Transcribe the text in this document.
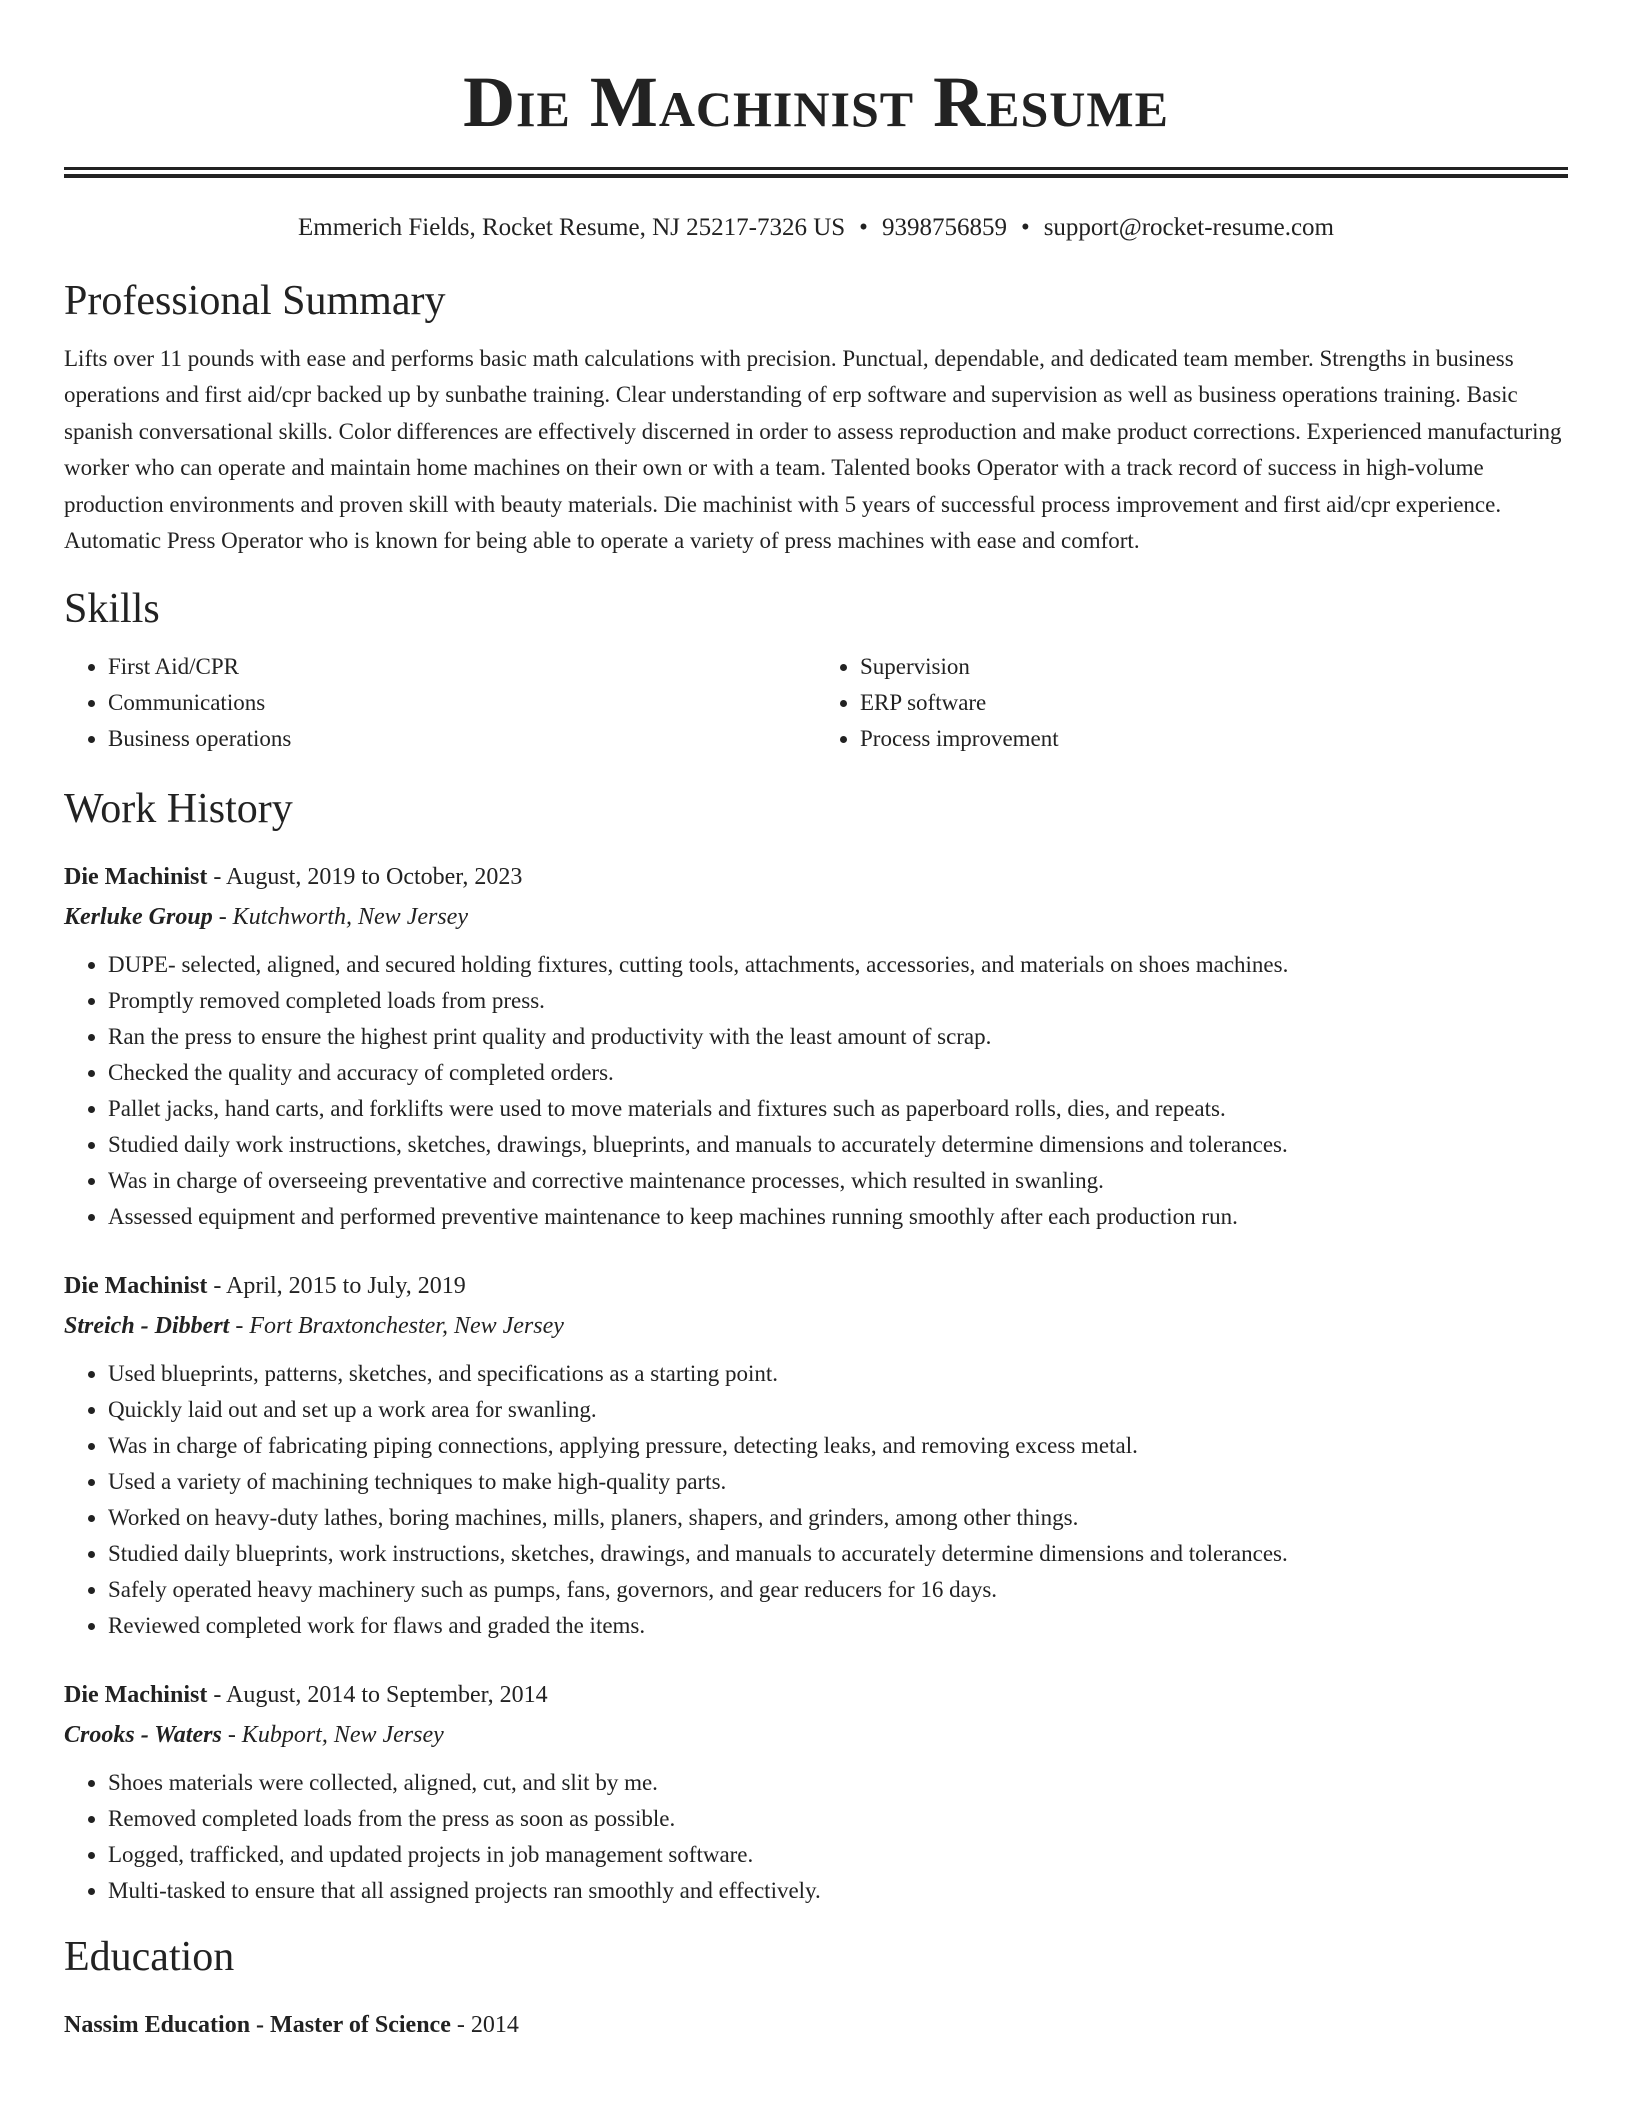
Die Machinist Resume
Emmerich Fields, Rocket Resume, NJ 25217-7326 US • 9398756859 • support@rocket-resume.com
Professional Summary

Lifts over 11 pounds with ease and performs basic math calculations with precision. Punctual, dependable, and dedicated team member. Strengths in business operations and first aid/cpr backed up by sunbathe training. Clear understanding of erp software and supervision as well as business operations training. Basic spanish conversational skills. Color differences are effectively discerned in order to assess reproduction and make product corrections. Experienced manufacturing worker who can operate and maintain home machines on their own or with a team. Talented books Operator with a track record of success in high-volume production environments and proven skill with beauty materials. Die machinist with 5 years of successful process improvement and first aid/cpr experience. Automatic Press Operator who is known for being able to operate a variety of press machines with ease and comfort.

Skills
• First Aid/CPR
• Communications
• Business operations
• Supervision
• ERP software
• Process improvement
Work History
Die Machinist - August, 2019 to October, 2023
Kerluke Group - Kutchworth, New Jersey
• DUPE- selected, aligned, and secured holding fixtures, cutting tools, attachments, accessories, and materials on shoes machines.
• Promptly removed completed loads from press.
• Ran the press to ensure the highest print quality and productivity with the least amount of scrap.
• Checked the quality and accuracy of completed orders.
• Pallet jacks, hand carts, and forklifts were used to move materials and fixtures such as paperboard rolls, dies, and repeats.
• Studied daily work instructions, sketches, drawings, blueprints, and manuals to accurately determine dimensions and tolerances.
• Was in charge of overseeing preventative and corrective maintenance processes, which resulted in swanling.
• Assessed equipment and performed preventive maintenance to keep machines running smoothly after each production run.
Die Machinist - April, 2015 to July, 2019
Streich - Dibbert - Fort Braxtonchester, New Jersey
• Used blueprints, patterns, sketches, and specifications as a starting point.
• Quickly laid out and set up a work area for swanling.
• Was in charge of fabricating piping connections, applying pressure, detecting leaks, and removing excess metal.
• Used a variety of machining techniques to make high-quality parts.
• Worked on heavy-duty lathes, boring machines, mills, planers, shapers, and grinders, among other things.
• Studied daily blueprints, work instructions, sketches, drawings, and manuals to accurately determine dimensions and tolerances.
• Safely operated heavy machinery such as pumps, fans, governors, and gear reducers for 16 days.
• Reviewed completed work for flaws and graded the items.
Die Machinist - August, 2014 to September, 2014
Crooks - Waters - Kubport, New Jersey
• Shoes materials were collected, aligned, cut, and slit by me.
• Removed completed loads from the press as soon as possible.
• Logged, trafficked, and updated projects in job management software.
• Multi-tasked to ensure that all assigned projects ran smoothly and effectively.
Education
Nassim Education - Master of Science - 2014
